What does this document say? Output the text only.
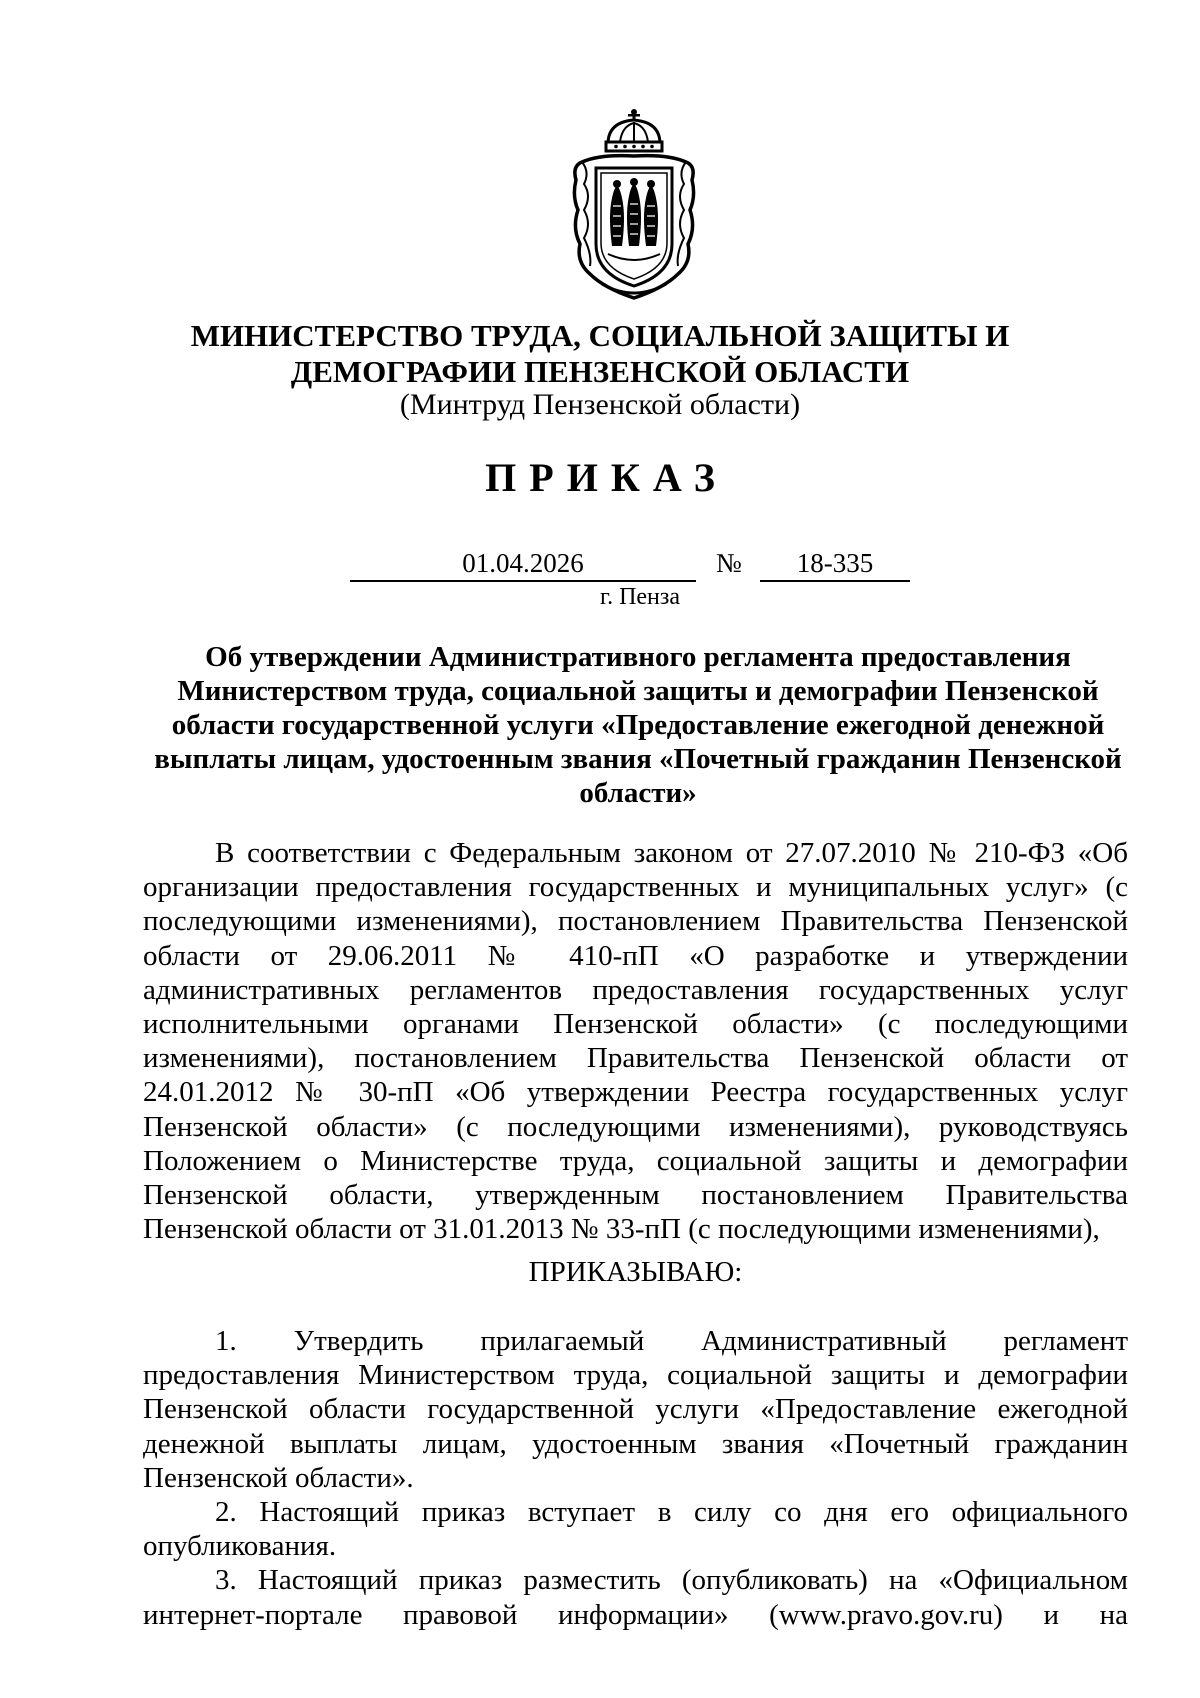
МИНИСТЕРСТВО ТРУДА, СОЦИАЛЬНОЙ ЗАЩИТЫ И
ДЕМОГРАФИИ ПЕНЗЕНСКОЙ ОБЛАСТИ
(Минтруд Пензенской области)
ПРИКАЗ
01.04.2026	№	18-335
г. Пенза
Об утверждении Административного регламента предоставления Министерством труда, социальной защиты и демографии Пензенской области государственной услуги «Предоставление ежегодной денежной выплаты лицам, удостоенным звания «Почетный гражданин Пензенской области»

В соответствии с Федеральным законом от 27.07.2010 № 210-ФЗ «Об организации предоставления государственных и муниципальных услуг» (с последующими изменениями), постановлением Правительства Пензенской области от 29.06.2011 № 410-пП «О разработке и утверждении административных регламентов предоставления государственных услуг исполнительными органами Пензенской области» (с последующими изменениями), постановлением Правительства Пензенской области от 24.01.2012 № 30-пП «Об утверждении Реестра государственных услуг Пензенской области» (с последующими изменениями), руководствуясь Положением о Министерстве труда, социальной защиты и демографии Пензенской области, утвержденным постановлением Правительства Пензенской области от 31.01.2013 № 33-пП (с последующими изменениями),

ПРИКАЗЫВАЮ:

1. Утвердить прилагаемый Административный регламент предоставления Министерством труда, социальной защиты и демографии Пензенской области государственной услуги «Предоставление ежегодной денежной выплаты лицам, удостоенным звания «Почетный гражданин Пензенской области».

2. Настоящий приказ вступает в силу со дня его официального опубликования.

3. Настоящий приказ разместить (опубликовать) на «Официальном интернет-портале правовой информации» (www.pravo.gov.ru) и на
